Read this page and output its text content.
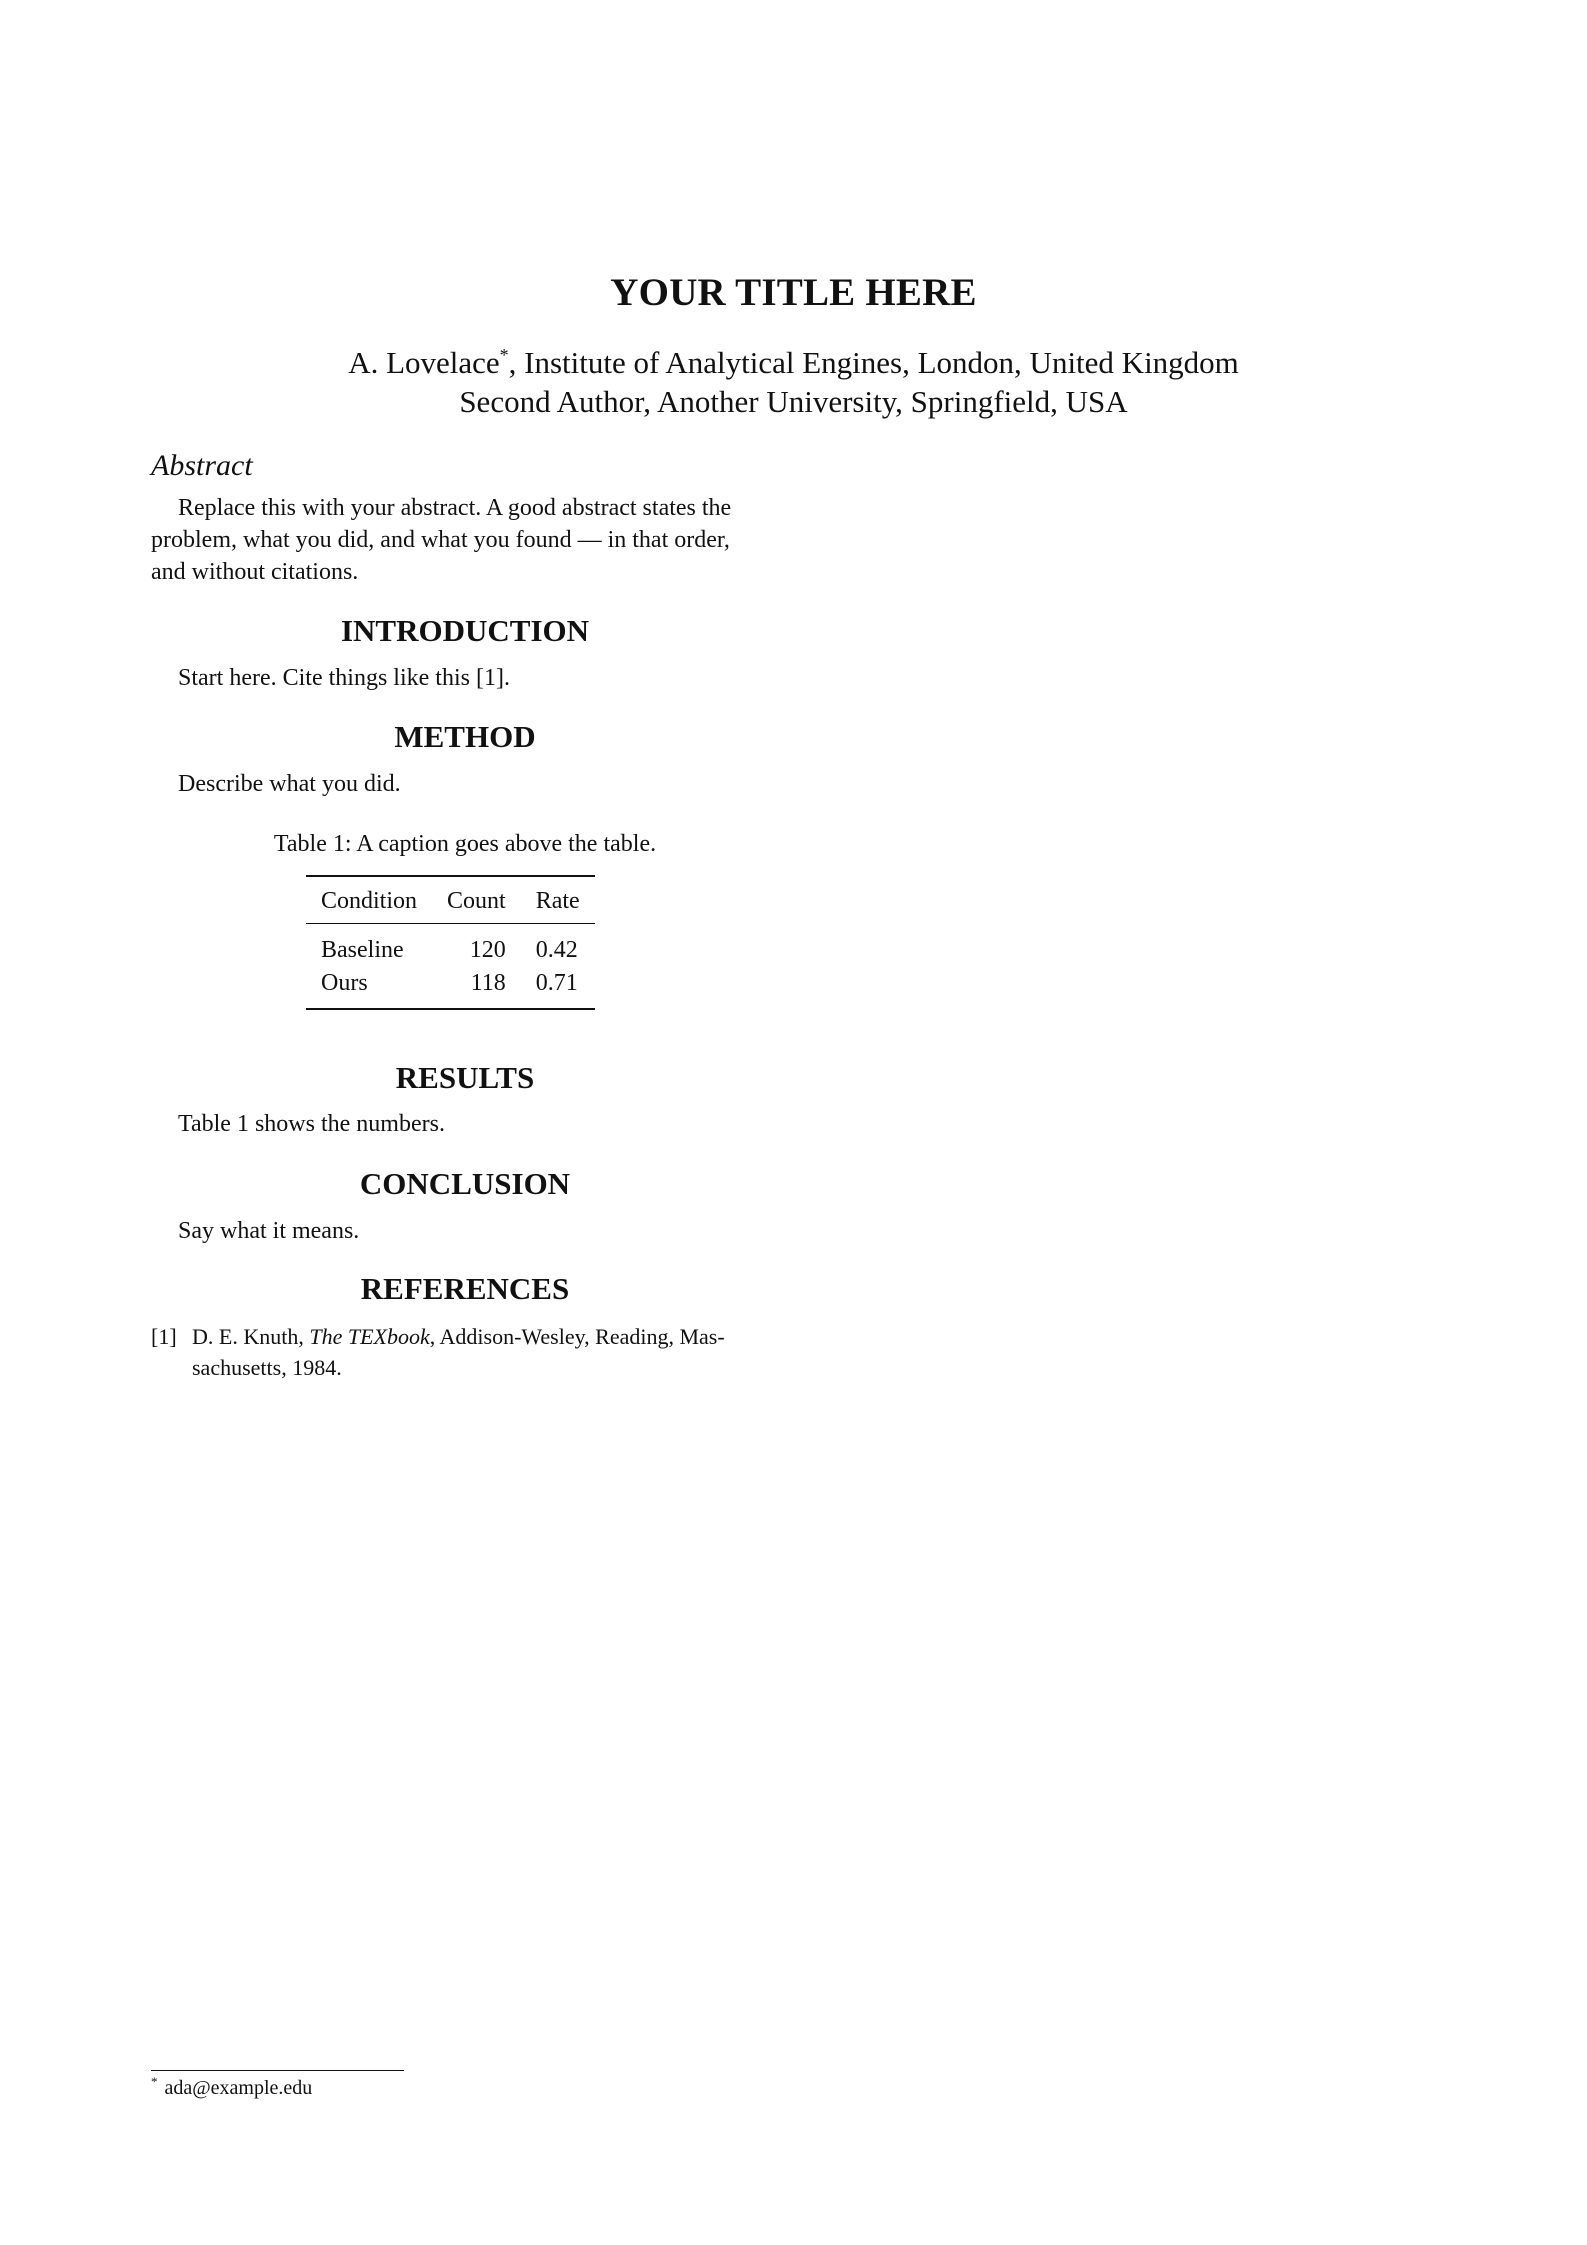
YOUR TITLE HERE
A. Lovelace*, Institute of Analytical Engines, London, United Kingdom
Second Author, Another University, Springfield, USA
Abstract
Replace this with your abstract. A good abstract states the
problem, what you did, and what you found — in that order,
and without citations.
INTRODUCTION
Start here. Cite things like this [1].
METHOD
Describe what you did.
Table 1: A caption goes above the table.
Condition	Count	Rate
Baseline	120	0.42
Ours	118	0.71
RESULTS
Table 1 shows the numbers.
CONCLUSION
Say what it means.
REFERENCES
[1] D. E. Knuth, The TEXbook, Addison-Wesley, Reading, Mas-
sachusetts, 1984.
* ada@example.edu
